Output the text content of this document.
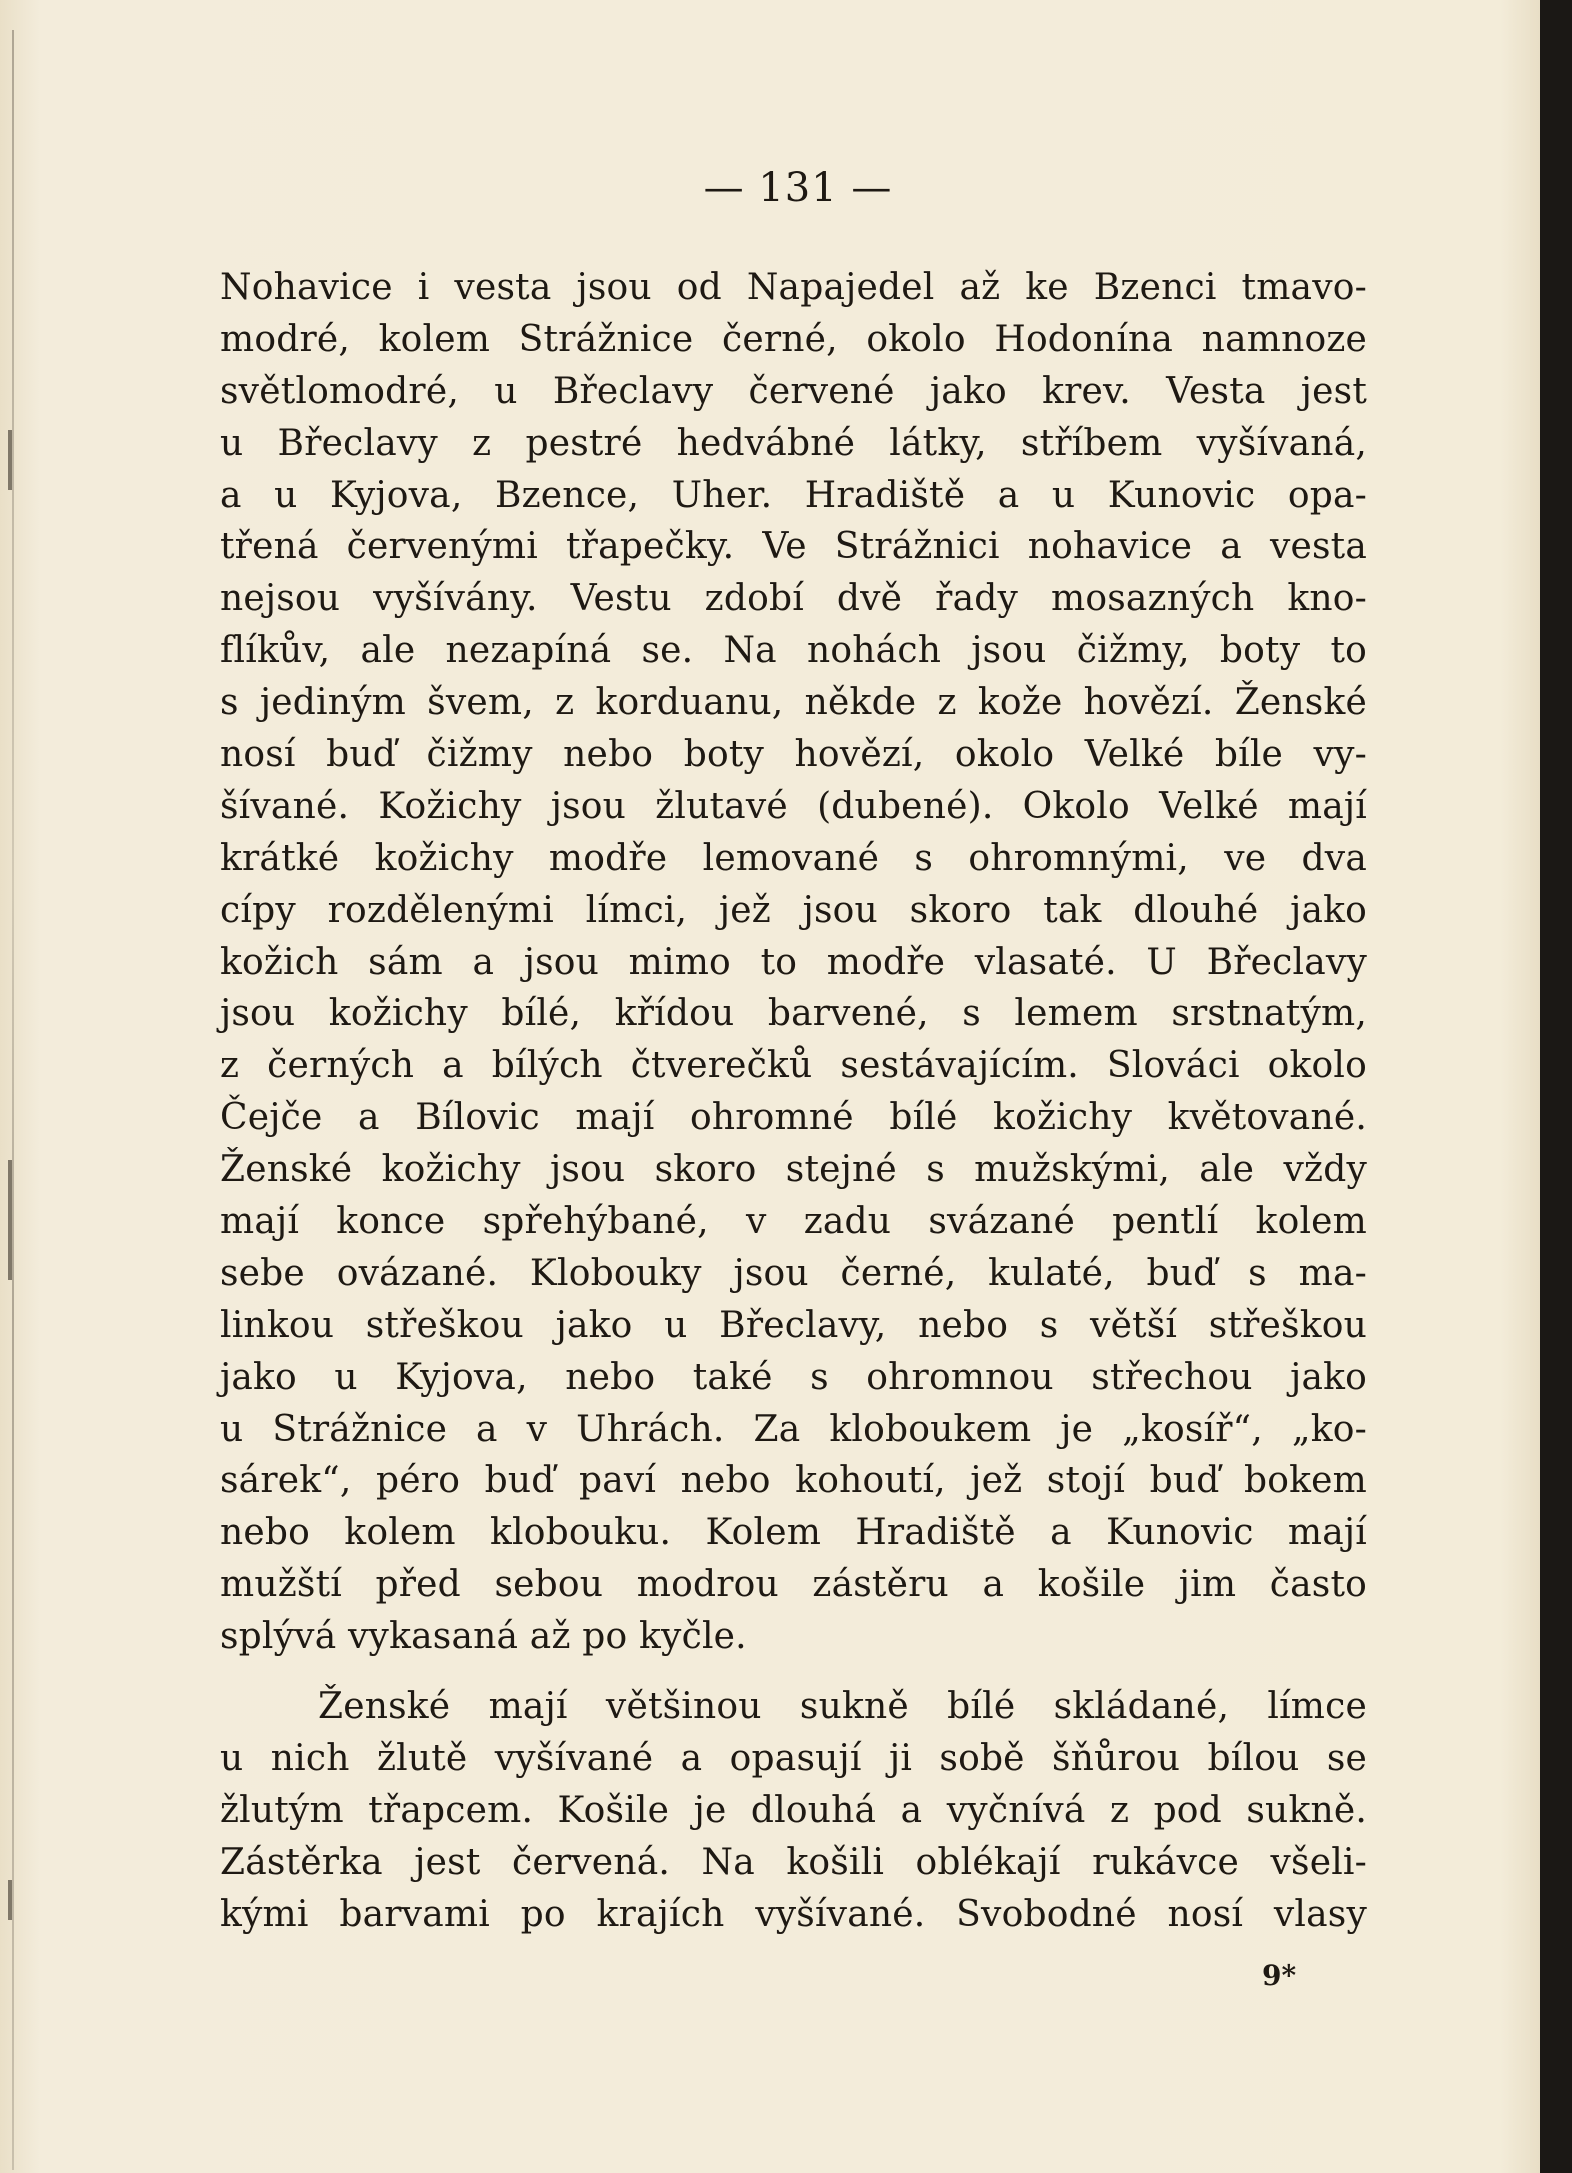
— 131 —
Nohavice i vesta jsou od Napajedel až ke Bzenci tmavo-
modré, kolem Strážnice černé, okolo Hodonína namnoze
světlomodré, u Břeclavy červené jako krev. Vesta jest
u Břeclavy z pestré hedvábné látky, stříbem vyšívaná,
a u Kyjova, Bzence, Uher. Hradiště a u Kunovic opa-
třená červenými třapečky. Ve Strážnici nohavice a vesta
nejsou vyšívány. Vestu zdobí dvě řady mosazných kno-
flíkův, ale nezapíná se. Na nohách jsou čižmy, boty to
s jediným švem, z korduanu, někde z kože hovězí. Ženské
nosí buď čižmy nebo boty hovězí, okolo Velké bíle vy-
šívané. Kožichy jsou žlutavé (dubené). Okolo Velké mají
krátké kožichy modře lemované s ohromnými, ve dva
cípy rozdělenými límci, jež jsou skoro tak dlouhé jako
kožich sám a jsou mimo to modře vlasaté. U Břeclavy
jsou kožichy bílé, křídou barvené, s lemem srstnatým,
z černých a bílých čtverečků sestávajícím. Slováci okolo
Čejče a Bílovic mají ohromné bílé kožichy květované.
Ženské kožichy jsou skoro stejné s mužskými, ale vždy
mají konce spřehýbané, v zadu svázané pentlí kolem
sebe ovázané. Klobouky jsou černé, kulaté, buď s ma-
linkou střeškou jako u Břeclavy, nebo s větší střeškou
jako u Kyjova, nebo také s ohromnou střechou jako
u Strážnice a v Uhrách. Za kloboukem je „kosíř“, „ko-
sárek“, péro buď paví nebo kohoutí, jež stojí buď bokem
nebo kolem klobouku. Kolem Hradiště a Kunovic mají
mužští před sebou modrou zástěru a košile jim často
splývá vykasaná až po kyčle.
Ženské mají většinou sukně bílé skládané, límce
u nich žlutě vyšívané a opasují ji sobě šňůrou bílou se
žlutým třapcem. Košile je dlouhá a vyčnívá z pod sukně.
Zástěrka jest červená. Na košili oblékají rukávce všeli-
kými barvami po krajích vyšívané. Svobodné nosí vlasy
9*
